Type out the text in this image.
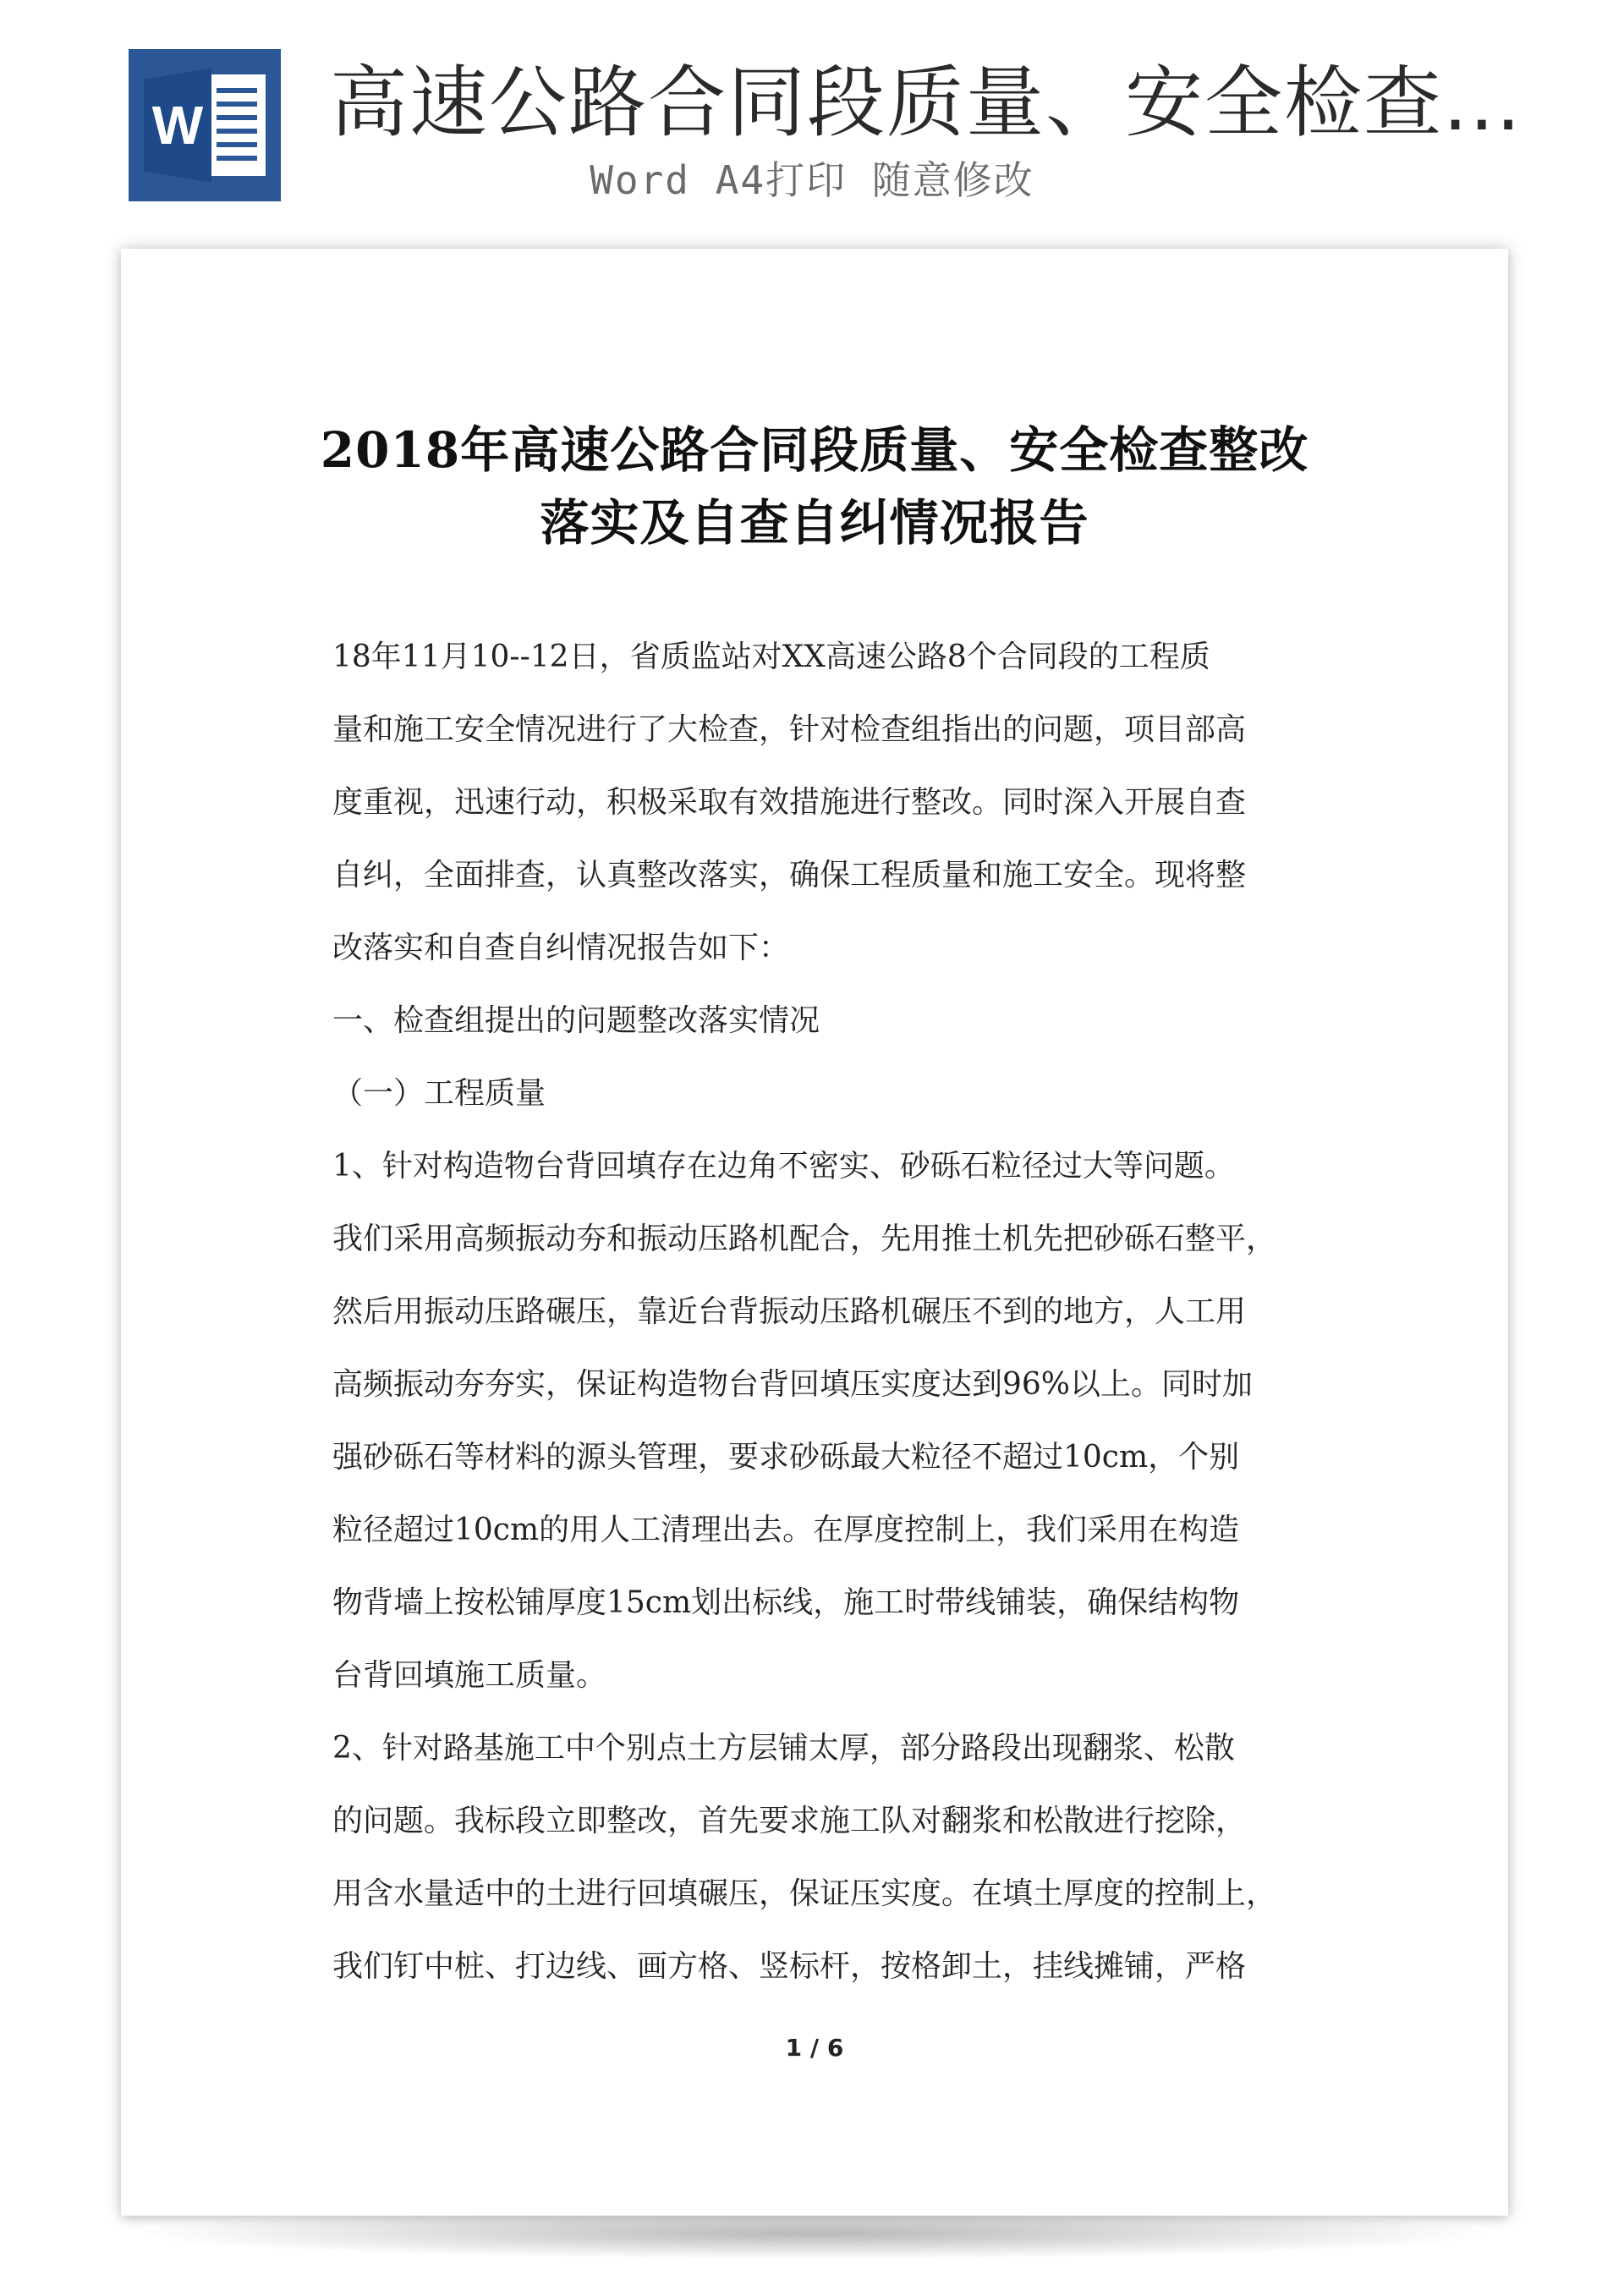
W 高速公路合同段质量、安全检查...
Word A4打印 随意修改
2018年高速公路合同段质量、安全检查整改
落实及自查自纠情况报告
18年11月10--12日，省质监站对XX高速公路8个合同段的工程质
量和施工安全情况进行了大检查，针对检查组指出的问题，项目部高
度重视，迅速行动，积极采取有效措施进行整改。同时深入开展自查
自纠，全面排查，认真整改落实，确保工程质量和施工安全。现将整
改落实和自查自纠情况报告如下：
一、检查组提出的问题整改落实情况
（一）工程质量
1、针对构造物台背回填存在边角不密实、砂砾石粒径过大等问题。
我们采用高频振动夯和振动压路机配合，先用推土机先把砂砾石整平，
然后用振动压路碾压，靠近台背振动压路机碾压不到的地方，人工用
高频振动夯夯实，保证构造物台背回填压实度达到96%以上。同时加
强砂砾石等材料的源头管理，要求砂砾最大粒径不超过10cm，个别
粒径超过10cm的用人工清理出去。在厚度控制上，我们采用在构造
物背墙上按松铺厚度15cm划出标线，施工时带线铺装，确保结构物
台背回填施工质量。
2、针对路基施工中个别点土方层铺太厚，部分路段出现翻浆、松散
的问题。我标段立即整改，首先要求施工队对翻浆和松散进行挖除，
用含水量适中的土进行回填碾压，保证压实度。在填土厚度的控制上，
我们钉中桩、打边线、画方格、竖标杆，按格卸土，挂线摊铺，严格
1 / 6
